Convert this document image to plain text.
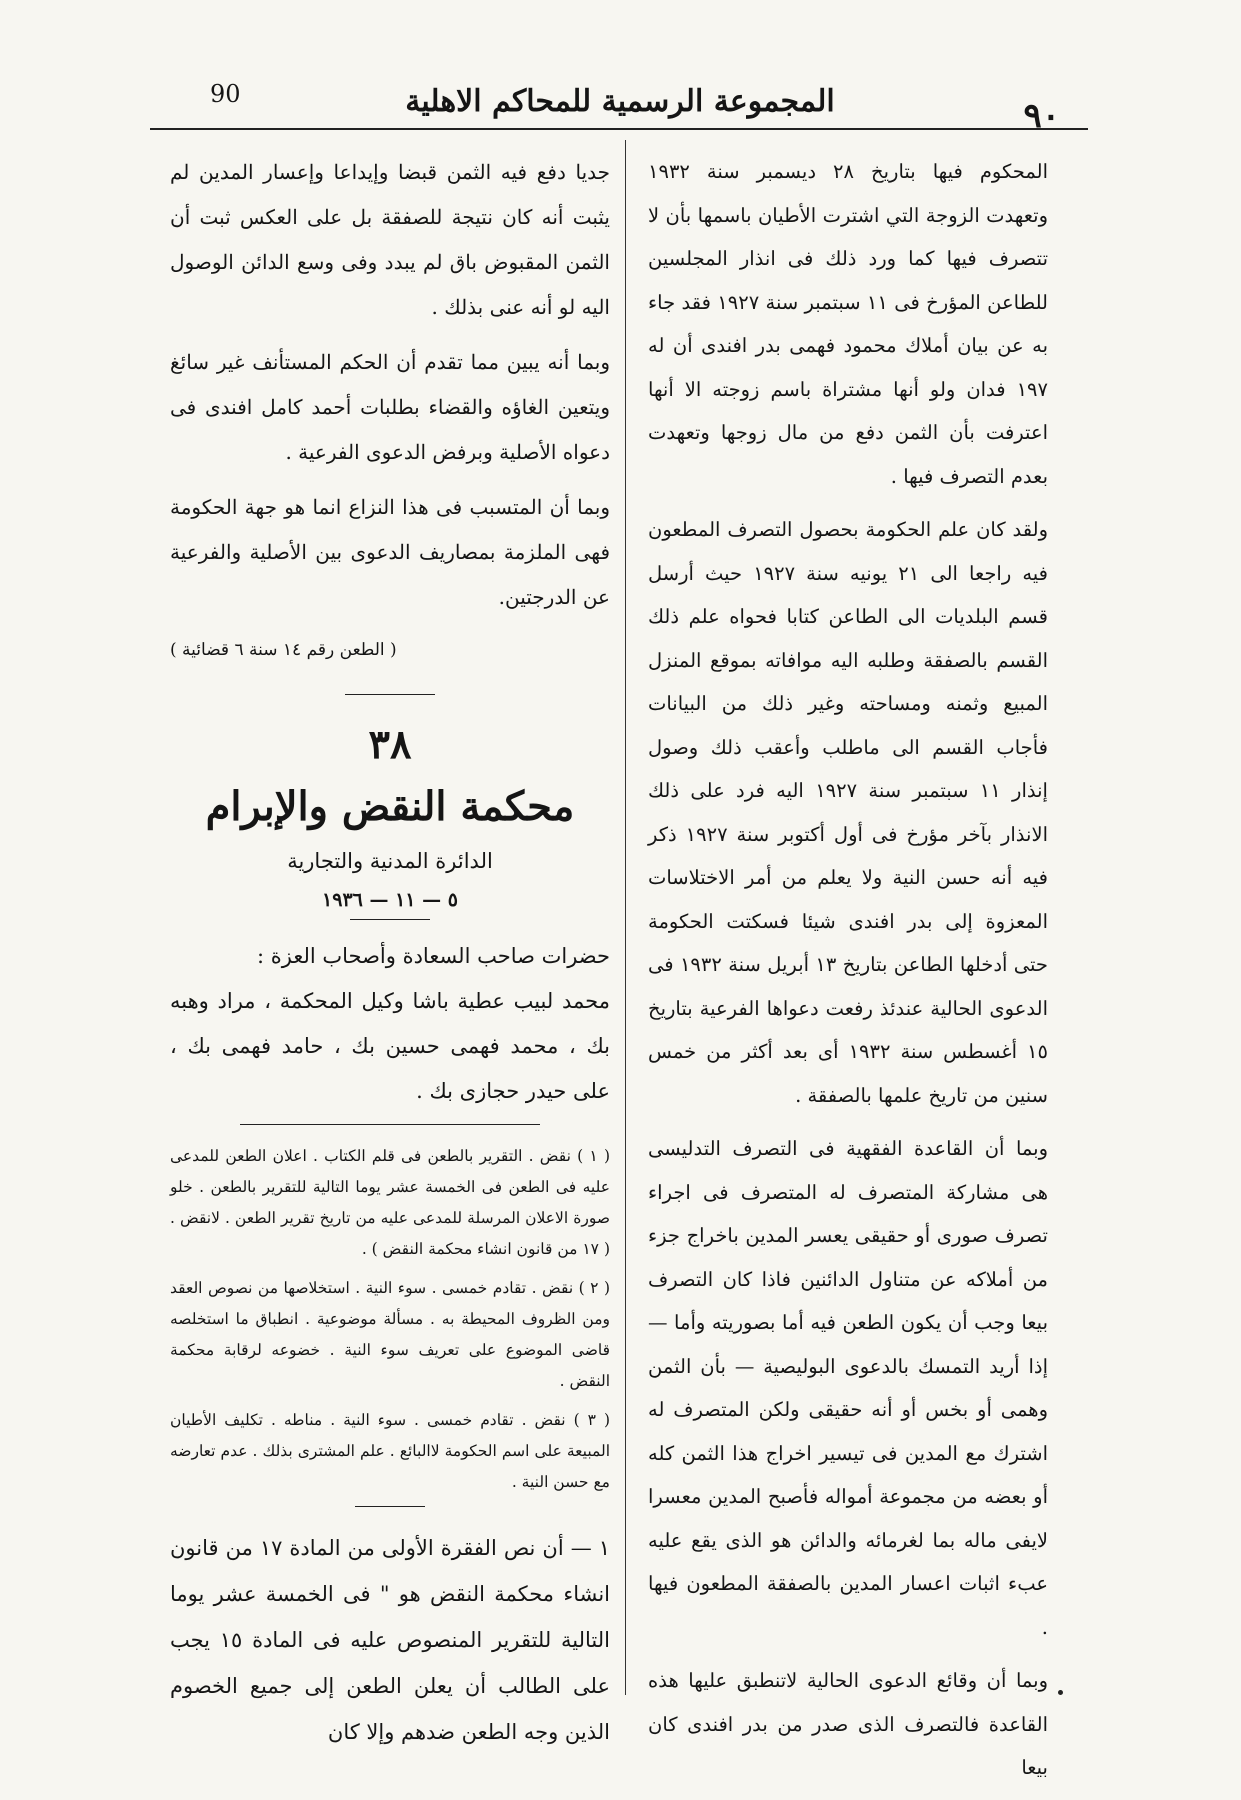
٩٠
المجموعة الرسمية للمحاكم الاهلية
90

المحكوم فيها بتاريخ ٢٨ ديسمبر سنة ١٩٣٢ وتعهدت الزوجة التي اشترت الأطيان باسمها بأن لا تتصرف فيها كما ورد ذلك فى انذار المجلسين للطاعن المؤرخ فى ١١ سبتمبر سنة ١٩٢٧ فقد جاء به عن بيان أملاك محمود فهمى بدر افندى أن له ١٩٧ فدان ولو أنها مشتراة باسم زوجته الا أنها اعترفت بأن الثمن دفع من مال زوجها وتعهدت بعدم التصرف فيها .

ولقد كان علم الحكومة بحصول التصرف المطعون فيه راجعا الى ٢١ يونيه سنة ١٩٢٧ حيث أرسل قسم البلديات الى الطاعن كتابا فحواه علم ذلك القسم بالصفقة وطلبه اليه موافاته بموقع المنزل المبيع وثمنه ومساحته وغير ذلك من البيانات فأجاب القسم الى ماطلب وأعقب ذلك وصول إنذار ١١ سبتمبر سنة ١٩٢٧ اليه فرد على ذلك الانذار بآخر مؤرخ فى أول أكتوبر سنة ١٩٢٧ ذكر فيه أنه حسن النية ولا يعلم من أمر الاختلاسات المعزوة إلى بدر افندى شيئا فسكتت الحكومة حتى أدخلها الطاعن بتاريخ ١٣ أبريل سنة ١٩٣٢ فى الدعوى الحالية عندئذ رفعت دعواها الفرعية بتاريخ ١٥ أغسطس سنة ١٩٣٢ أى بعد أكثر من خمس سنين من تاريخ علمها بالصفقة .

وبما أن القاعدة الفقهية فى التصرف التدليسى هى مشاركة المتصرف له المتصرف فى اجراء تصرف صورى أو حقيقى يعسر المدين باخراج جزء من أملاكه عن متناول الدائنين فاذا كان التصرف بيعا وجب أن يكون الطعن فيه أما بصوريته وأما — إذا أريد التمسك بالدعوى البوليصية — بأن الثمن وهمى أو بخس أو أنه حقيقى ولكن المتصرف له اشترك مع المدين فى تيسير اخراج هذا الثمن كله أو بعضه من مجموعة أمواله فأصبح المدين معسرا لايفى ماله بما لغرمائه والدائن هو الذى يقع عليه عبء اثبات اعسار المدين بالصفقة المطعون فيها .

وبما أن وقائع الدعوى الحالية لاتنطبق عليها هذه القاعدة فالتصرف الذى صدر من بدر افندى كان بيعا

جديا دفع فيه الثمن قبضا وإيداعا وإعسار المدين لم يثبت أنه كان نتيجة للصفقة بل على العكس ثبت أن الثمن المقبوض باق لم يبدد وفى وسع الدائن الوصول اليه لو أنه عنى بذلك .

وبما أنه يبين مما تقدم أن الحكم المستأنف غير سائغ ويتعين الغاؤه والقضاء بطلبات أحمد كامل افندى فى دعواه الأصلية وبرفض الدعوى الفرعية .

وبما أن المتسبب فى هذا النزاع انما هو جهة الحكومة فهى الملزمة بمصاريف الدعوى بين الأصلية والفرعية عن الدرجتين.

( الطعن رقم ١٤ سنة ٦ قضائية )
٣٨
محكمة النقض والإبرام
الدائرة المدنية والتجارية
٥ — ١١ — ١٩٣٦
حضرات صاحب السعادة وأصحاب العزة :
محمد لبيب عطية باشا وكيل المحكمة ، مراد وهبه بك ، محمد فهمى حسين بك ، حامد فهمى بك ، على حيدر حجازى بك .

( ١ ) نقض . التقرير بالطعن فى قلم الكتاب . اعلان الطعن للمدعى عليه فى الطعن فى الخمسة عشر يوما التالية للتقرير بالطعن . خلو صورة الاعلان المرسلة للمدعى عليه من تاريخ تقرير الطعن . لانقض . ( ١٧ من قانون انشاء محكمة النقض ) .

( ٢ ) نقض . تقادم خمسى . سوء النية . استخلاصها من نصوص العقد ومن الظروف المحيطة به . مسألة موضوعية . انطباق ما استخلصه قاضى الموضوع على تعريف سوء النية . خضوعه لرقابة محكمة النقض .

( ٣ ) نقض . تقادم خمسى . سوء النية . مناطه . تكليف الأطيان المبيعة على اسم الحكومة لاالبائع . علم المشترى بذلك . عدم تعارضه مع حسن النية .

١ — أن نص الفقرة الأولى من المادة ١٧ من قانون انشاء محكمة النقض هو " فى الخمسة عشر يوما التالية للتقرير المنصوص عليه فى المادة ١٥ يجب على الطالب أن يعلن الطعن إلى جميع الخصوم الذين وجه الطعن ضدهم وإلا كان
